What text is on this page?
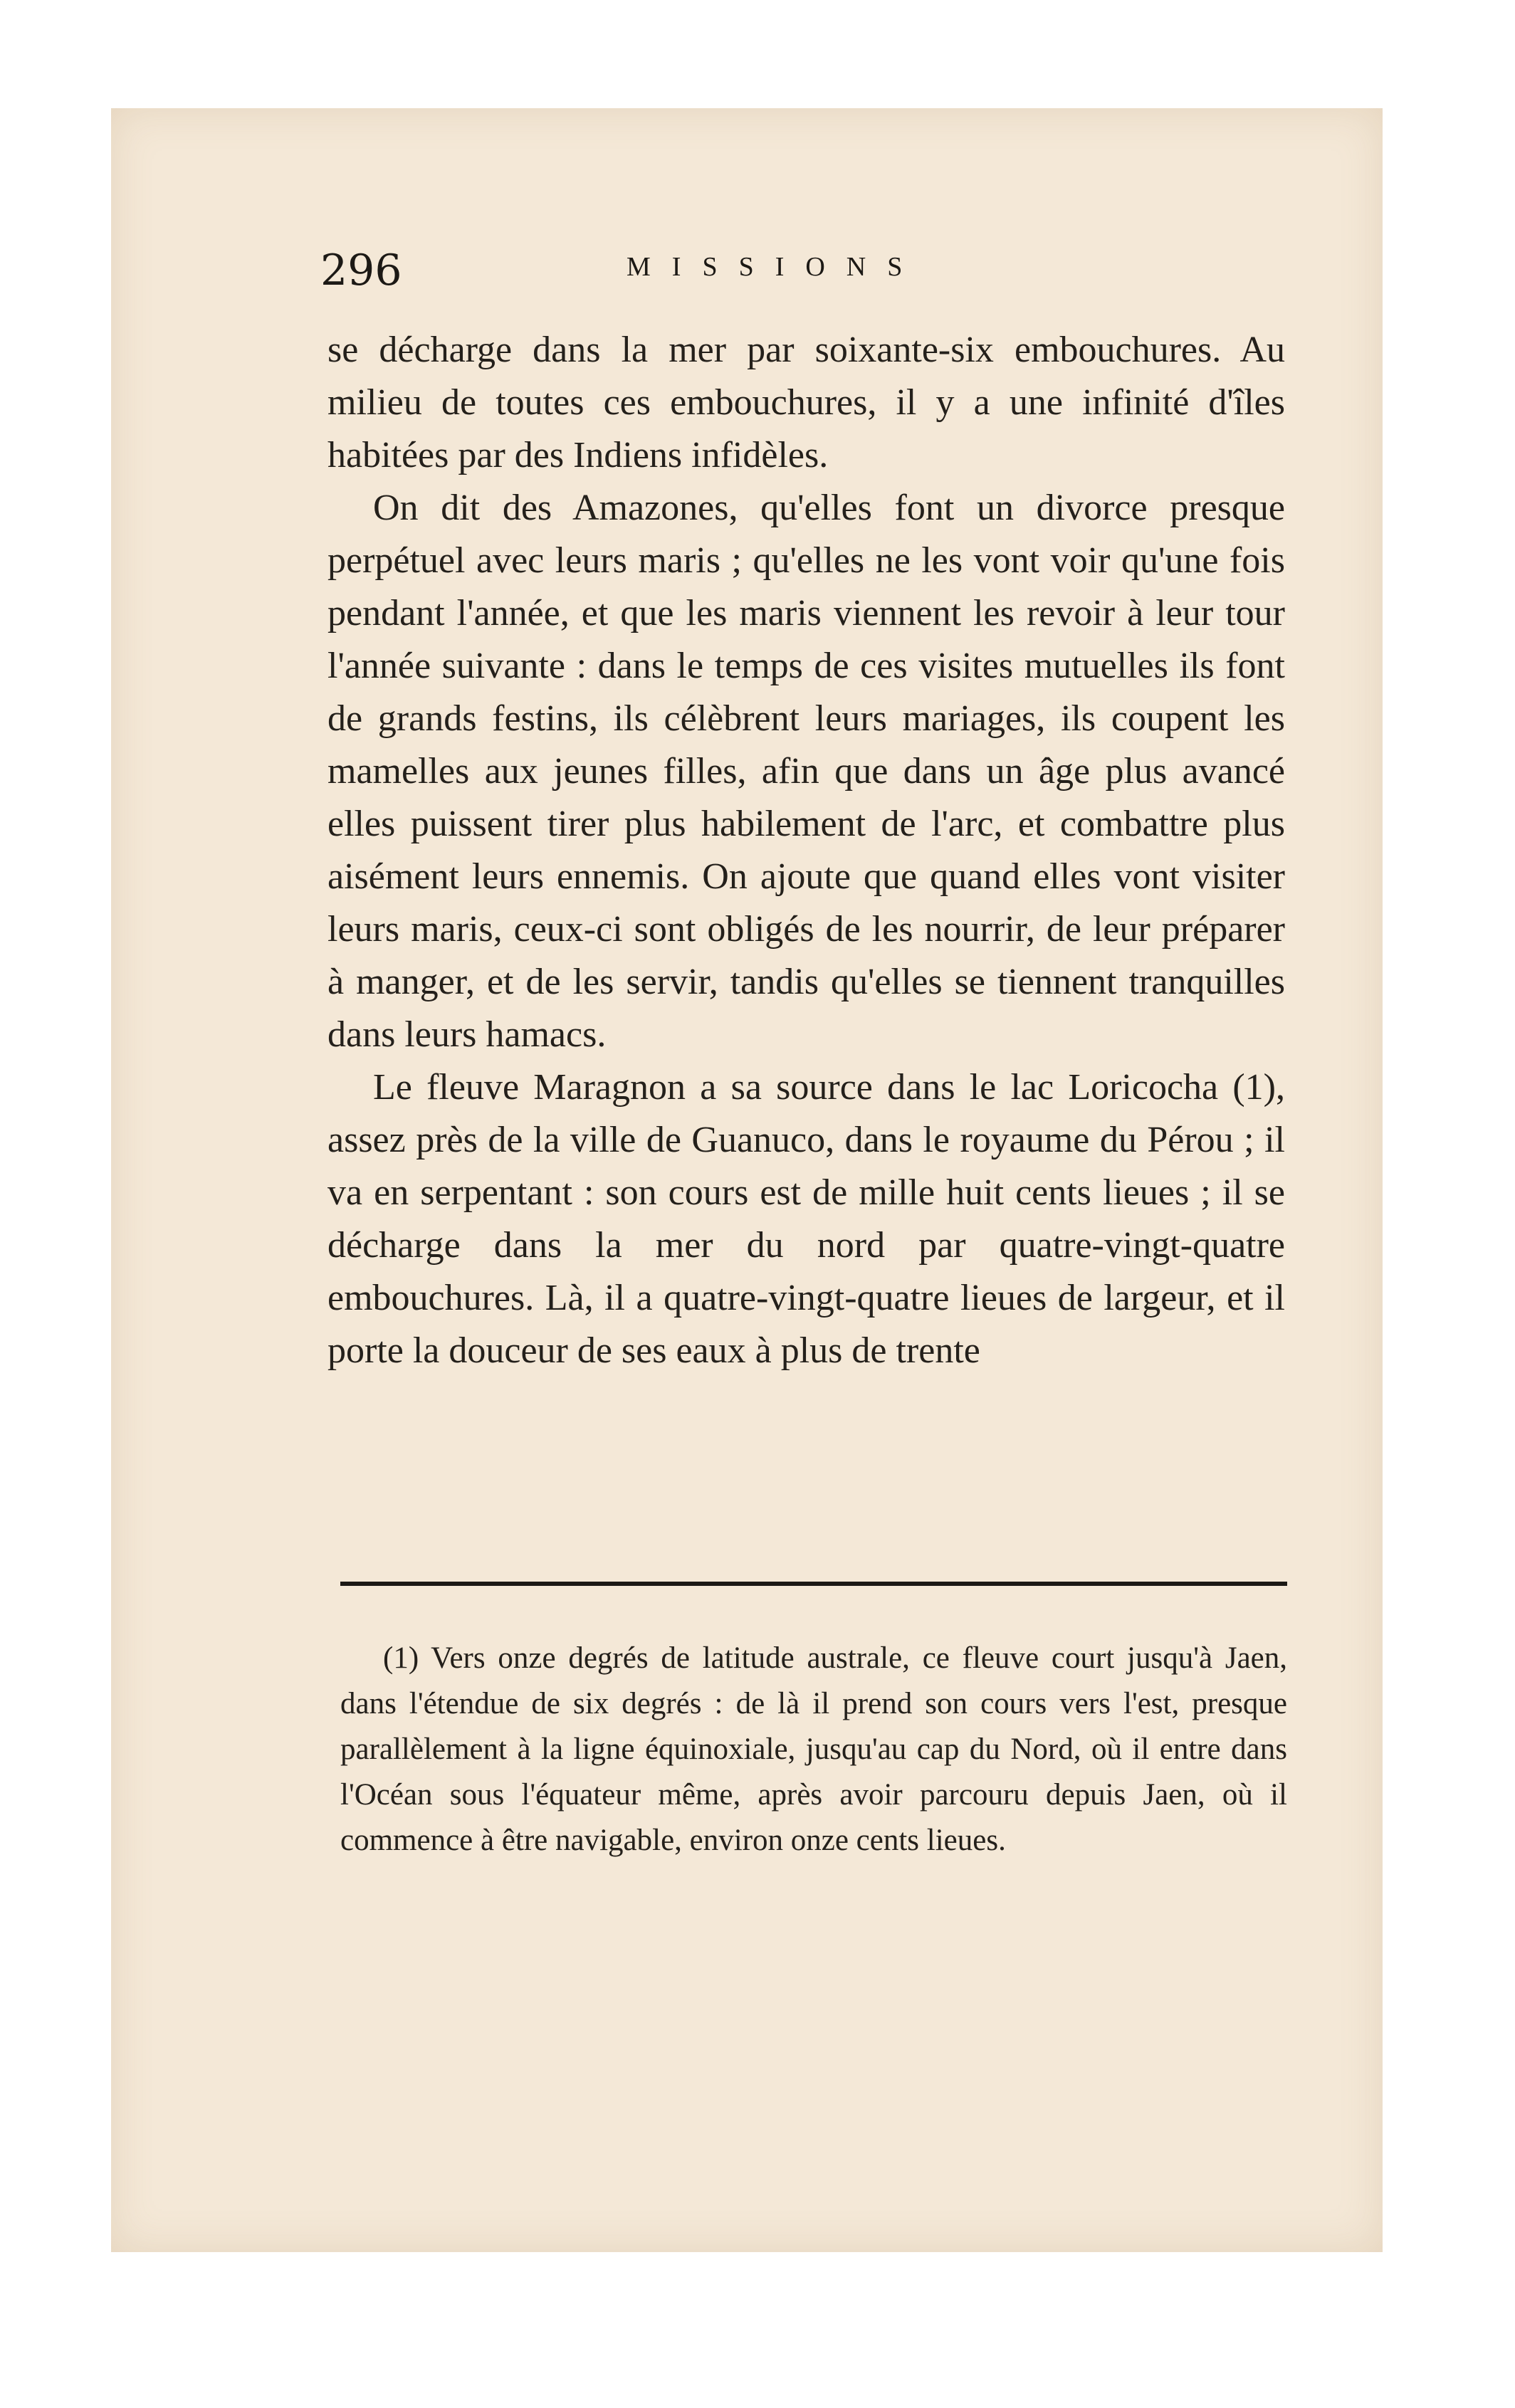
296	MISSIONS

se décharge dans la mer par soixante-six embouchures. Au milieu de toutes ces embouchures, il y a une infinité d'îles habitées par des Indiens infidèles.

On dit des Amazones, qu'elles font un divorce presque perpétuel avec leurs maris ; qu'elles ne les vont voir qu'une fois pendant l'année, et que les maris viennent les revoir à leur tour l'année suivante : dans le temps de ces visites mutuelles ils font de grands festins, ils célèbrent leurs mariages, ils coupent les mamelles aux jeunes filles, afin que dans un âge plus avancé elles puissent tirer plus habilement de l'arc, et combattre plus aisément leurs ennemis. On ajoute que quand elles vont visiter leurs maris, ceux-ci sont obligés de les nourrir, de leur préparer à manger, et de les servir, tandis qu'elles se tiennent tranquilles dans leurs hamacs.

Le fleuve Maragnon a sa source dans le lac Loricocha (1), assez près de la ville de Guanuco, dans le royaume du Pérou ; il va en serpentant : son cours est de mille huit cents lieues ; il se décharge dans la mer du nord par quatre-vingt-quatre embouchures. Là, il a quatre-vingt-quatre lieues de largeur, et il porte la douceur de ses eaux à plus de trente

(1) Vers onze degrés de latitude australe, ce fleuve court jusqu'à Jaen, dans l'étendue de six degrés : de là il prend son cours vers l'est, presque parallèlement à la ligne équinoxiale, jusqu'au cap du Nord, où il entre dans l'Océan sous l'équateur même, après avoir parcouru depuis Jaen, où il commence à être navigable, environ onze cents lieues.
